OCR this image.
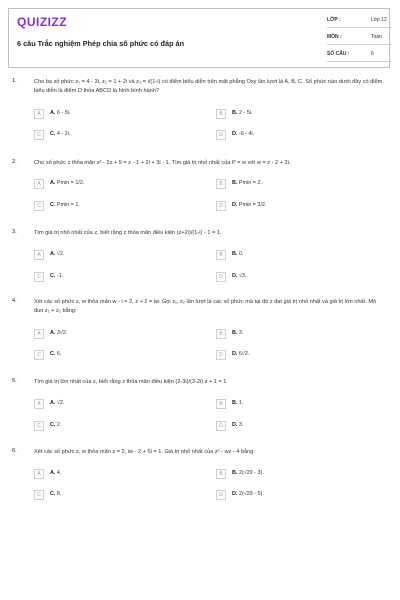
QUIZIZZ
6 câu Trắc nghiệm Phép chia số phức có đáp án
LỚP :	Lớp 12
MÔN :	Toán
SỐ CÂU :	6
1.	Cho ba số phức z₁ = 4 - 3i, z₂ = 1 + 2i và z₃ = i/(1-i) có điểm biểu diễn trên mặt phẳng Oxy lần lượt là A, B, C. Số phức nào dưới đây có điểm biểu diễn là điểm D thỏa ABCD là hình bình hành?
A	A. 6 - 5i.	B	B. 2 - 5i.
C	C. 4 - 2i.	D	D. -6 - 4i.
2.	Cho số phức z thỏa mãn z² - 2z + 5 = z - 1 + 2i + 3i - 1. Tìm giá trị nhỏ nhất của P = w với w = z - 2 + 2i.
A	A. Pmin = 1/2.	B	B. Pmin = 2.
C	C. Pmin = 1.	D	D. Pmin = 3/2.
3.	Tìm giá trị nhỏ nhất của z, biết rằng z thỏa mãn điều kiện (z+2i)/(1-i) - 1 = 1.
A	A. √2.	B	B. 0.
C	C. -1.	D	D. √3.
4.	Xét các số phức z, w thỏa mãn w - i = 2, z + 2 = iw. Gọi z₁, z₂ lần lượt là các số phức mà tại đó z đạt giá trị nhỏ nhất và giá trị lớn nhất. Mô đun z₁ + z₂ bằng:
A	A. 3√2.	B	B. 3.
C	C. 6.	D	D. 6√2.
5.	Tìm giá trị lớn nhất của z, biết rằng z thỏa mãn điều kiện (2-3i)/(3-2i) z + 1 = 1.
A	A. √2.	B	B. 1.
C	C. 2.	D	D. 3.
6.	Xét các số phức z, w thỏa mãn z = 2, iw - 2 + 5i = 1. Giá trị nhỏ nhất của z² - wz - 4 bằng:
A	A. 4.	B	B. 2(√29 - 3).
C	C. 8.	D	D. 2(√29 - 5).
